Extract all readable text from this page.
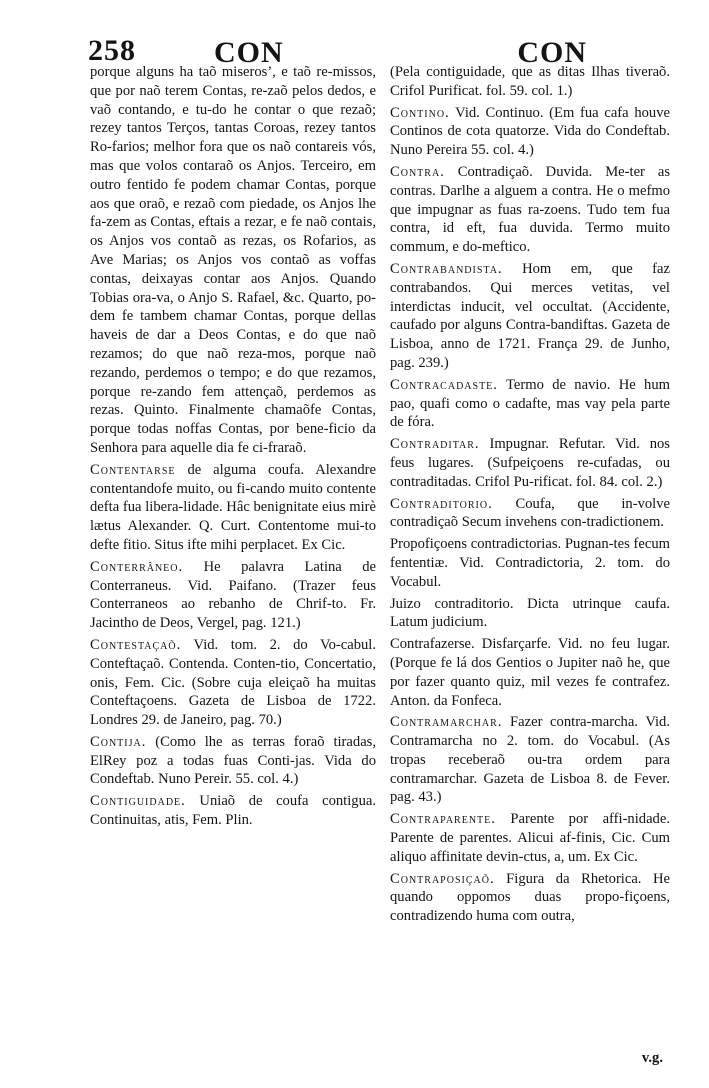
258	CON	CON

porque alguns ha taõ miseros’, e taõ re-missos, que por naõ terem Contas, re-zaõ pelos dedos, e vaõ contando, e tu-do he contar o que rezaõ; rezey tantos Terços, tantas Coroas, rezey tantos Ro-farios; melhor fora que os naõ contareis vós, mas que volos contaraõ os Anjos. Terceiro, em outro fentido fe podem chamar Contas, porque aos que oraõ, e rezaõ com piedade, os Anjos lhe fa-zem as Contas, eftais a rezar, e fe naõ contais, os Anjos vos contaõ as rezas, os Rofarios, as Ave Marias; os Anjos vos contaõ as voffas contas, deixayas contar aos Anjos. Quando Tobias ora-va, o Anjo S. Rafael, &c. Quarto, po-dem fe tambem chamar Contas, porque dellas haveis de dar a Deos Contas, e do que naõ rezamos; do que naõ reza-mos, porque naõ rezando, perdemos o tempo; e do que rezamos, porque re-zando fem attençaõ, perdemos as rezas. Quinto. Finalmente chamaõfe Contas, porque todas noffas Contas, por bene-ficio da Senhora para aquelle dia fe ci-fraraõ.

Contentarse de alguma coufa. Alexandre contentandofe muito, ou fi-cando muito contente defta fua libera-lidade. Hâc benignitate eius mirè lætus Alexander. Q. Curt. Contentome mui-to defte fitio. Situs ifte mihi perplacet. Ex Cic.

Conterrâneo. He palavra Latina de Conterraneus. Vid. Paifano. (Trazer feus Conterraneos ao rebanho de Chrif-to. Fr. Jacintho de Deos, Vergel, pag. 121.)

Contestaçaõ. Vid. tom. 2. do Vo-cabul. Conteftaçaõ. Contenda. Conten-tio, Concertatio, onis, Fem. Cic. (Sobre cuja eleiçaõ ha muitas Conteftaçoens. Gazeta de Lisboa de 1722. Londres 29. de Janeiro, pag. 70.)

Contija. (Como lhe as terras foraõ tiradas, ElRey poz a todas fuas Conti-jas. Vida do Condeftab. Nuno Pereir. 55. col. 4.)

Contiguidade. Uniaõ de coufa contigua. Continuitas, atis, Fem. Plin.

(Pela contiguidade, que as ditas Ilhas tiveraõ. Crifol Purificat. fol. 59. col. 1.)

Contino. Vid. Continuo. (Em fua cafa houve Continos de cota quatorze. Vida do Condeftab. Nuno Pereira 55. col. 4.)

Contra. Contradiçaõ. Duvida. Me-ter as contras. Darlhe a alguem a contra. He o mefmo que impugnar as fuas ra-zoens. Tudo tem fua contra, id eft, fua duvida. Termo muito commum, e do-meftico.

Contrabandista. Hom em, que faz contrabandos. Qui merces vetitas, vel interdictas inducit, vel occultat. (Accidente, caufado por alguns Contra-bandiftas. Gazeta de Lisboa, anno de 1721. França 29. de Junho, pag. 239.)

Contracadaste. Termo de navio. He hum pao, quafi como o cadafte, mas vay pela parte de fóra.

Contraditar. Impugnar. Refutar. Vid. nos feus lugares. (Sufpeiçoens re-cufadas, ou contraditadas. Crifol Pu-rificat. fol. 84. col. 2.)

Contraditorio. Coufa, que in-volve contradiçaõ Secum invehens con-tradictionem.

Propofiçoens contradictorias. Pugnan-tes fecum fententiæ. Vid. Contradictoria, 2. tom. do Vocabul.

Juizo contraditorio. Dicta utrinque caufa. Latum judicium.

Contrafazerse. Disfarçarfe. Vid. no feu lugar. (Porque fe lá dos Gentios o Jupiter naõ he, que por fazer quanto quiz, mil vezes fe contrafez. Anton. da Fonfeca.

Contramarchar. Fazer contra-marcha. Vid. Contramarcha no 2. tom. do Vocabul. (As tropas receberaõ ou-tra ordem para contramarchar. Gazeta de Lisboa 8. de Fever. pag. 43.)

Contraparente. Parente por affi-nidade. Parente de parentes. Alicui af-finis, Cic. Cum aliquo affinitate devin-ctus, a, um. Ex Cic.

Contraposiçaõ. Figura da Rhetorica. He quando oppomos duas propo-fiçoens, contradizendo huma com outra,

v.g.
